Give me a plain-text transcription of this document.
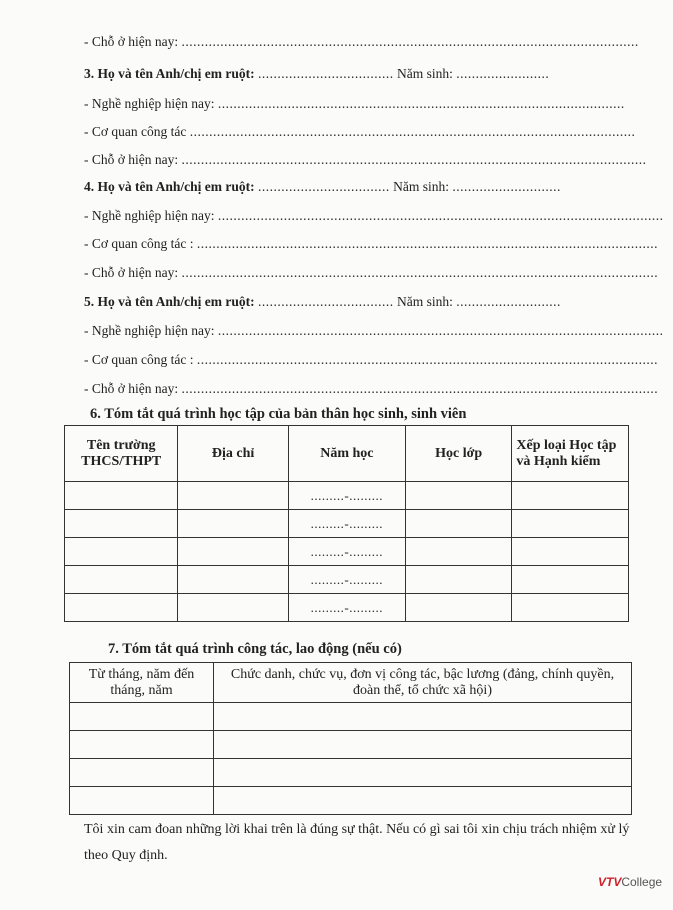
- Chỗ ở hiện nay: ......................................................................................................................
3. Họ và tên Anh/chị em ruột: ................................... Năm sinh: ........................
- Nghề nghiệp hiện nay: .........................................................................................................
- Cơ quan công tác ...................................................................................................................
- Chỗ ở hiện nay: ........................................................................................................................
4. Họ và tên Anh/chị em ruột: .................................. Năm sinh: ............................
- Nghề nghiệp hiện nay: ...................................................................................................................
- Cơ quan công tác : .......................................................................................................................
- Chỗ ở hiện nay: ...........................................................................................................................
5. Họ và tên Anh/chị em ruột: ................................... Năm sinh: ...........................
- Nghề nghiệp hiện nay: ...................................................................................................................
- Cơ quan công tác : .......................................................................................................................
- Chỗ ở hiện nay: ...........................................................................................................................
6. Tóm tắt quá trình học tập của bản thân học sinh, sinh viên
Tên trường THCS/THPT	Địa chỉ	Năm học	Học lớp	Xếp loại Học tập và Hạnh kiểm
		.........-.........		
		.........-.........		
		.........-.........		
		.........-.........		
		.........-.........		
7. Tóm tắt quá trình công tác, lao động (nếu có)
Từ tháng, năm đến tháng, năm	Chức danh, chức vụ, đơn vị công tác, bậc lương (đảng, chính quyền, đoàn thể, tổ chức xã hội)

Tôi xin cam đoan những lời khai trên là đúng sự thật. Nếu có gì sai tôi xin chịu trách nhiệm xử lý theo Quy định.
VTVCollege
